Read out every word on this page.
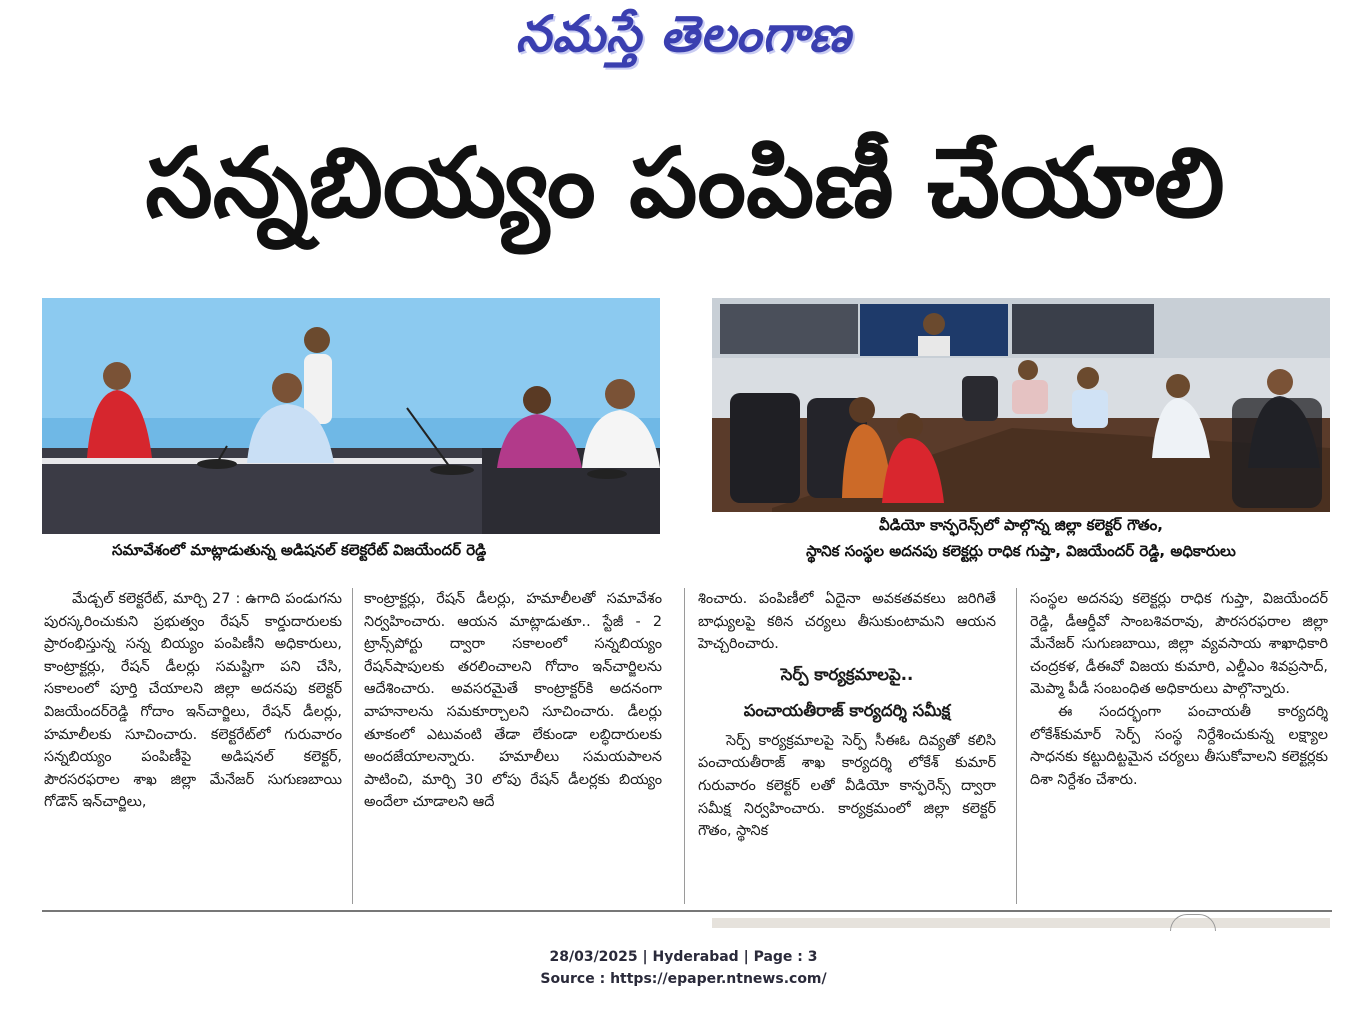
నమస్తే తెలంగాణ
సన్నబియ్యం పంపిణీ చేయాలి
సమావేశంలో మాట్లాడుతున్న అడిషనల్ కలెక్టరేట్ విజయేందర్ రెడ్డి
వీడియో కాన్ఫరెన్స్‌లో పాల్గొన్న జిల్లా కలెక్టర్ గౌతం,
స్థానిక సంస్థల అదనపు కలెక్టర్లు రాధిక గుప్తా, విజయేందర్ రెడ్డి, అధికారులు

మేడ్చల్ కలెక్టరేట్, మార్చి 27 : ఉగాది పండుగను పురస్కరించుకుని ప్రభుత్వం రేషన్ కార్డుదారులకు ప్రారంభిస్తున్న సన్న బియ్యం పంపిణీని అధికారులు, కాంట్రాక్టర్లు, రేషన్ డీలర్లు సమష్టిగా పని చేసి, సకాలంలో పూర్తి చేయాలని జిల్లా అదనపు కలెక్టర్ విజయేందర్‌రెడ్డి గోదాం ఇన్‌చార్జిలు, రేషన్ డీలర్లు, హమాలీలకు సూచించారు. కలెక్టరేట్‌లో గురువారం సన్నబియ్యం పంపిణీపై అడిషనల్ కలెక్టర్, పౌరసరఫరాల శాఖ జిల్లా మేనేజర్ సుగుణబాయి గోడౌన్ ఇన్‌చార్జిలు,

కాంట్రాక్టర్లు, రేషన్ డీలర్లు, హమాలీలతో సమావేశం నిర్వహించారు. ఆయన మాట్లాడుతూ.. స్టేజీ - 2 ట్రాన్స్‌పోర్టు ద్వారా సకాలంలో సన్నబియ్యం రేషన్‌షాపులకు తరలించాలని గోదాం ఇన్‌చార్జిలను ఆదేశించారు. అవసరమైతే కాంట్రాక్టర్‌కి అదనంగా వాహనాలను సమకూర్చాలని సూచించారు. డీలర్లు తూకంలో ఎటువంటి తేడా లేకుండా లబ్ధిదారులకు అందజేయాలన్నారు. హమాలీలు సమయపాలన పాటించి, మార్చి 30 లోపు రేషన్ డీలర్లకు బియ్యం అందేలా చూడాలని ఆదే

శించారు. పంపిణీలో ఏదైనా అవకతవకలు జరిగితే బాధ్యులపై కఠిన చర్యలు తీసుకుంటామని ఆయన హెచ్చరించారు.

సెర్ప్ కార్యక్రమాలపై..
పంచాయతీరాజ్ కార్యదర్శి సమీక్ష

సెర్ప్ కార్యక్రమాలపై సెర్ప్ సీఈఓ దివ్యతో కలిసి పంచాయతీరాజ్ శాఖ కార్యదర్శి లోకేశ్ కుమార్ గురువారం కలెక్టర్ లతో వీడియో కాన్ఫరెన్స్ ద్వారా సమీక్ష నిర్వహించారు. కార్యక్రమంలో జిల్లా కలెక్టర్ గౌతం, స్థానిక

సంస్థల అదనపు కలెక్టర్లు రాధిక గుప్తా, విజయేందర్ రెడ్డి, డీఆర్డీవో సాంబశివరావు, పౌరసరఫరాల జిల్లా మేనేజర్ సుగుణబాయి, జిల్లా వ్యవసాయ శాఖాధికారి చంద్రకళ, డీఈవో విజయ కుమారి, ఎల్డీఎం శివప్రసాద్, మెప్మా పీడీ సంబంధిత అధికారులు పాల్గొన్నారు.

ఈ సందర్భంగా పంచాయతీ కార్యదర్శి లోకేశ్‌కుమార్ సెర్ప్ సంస్థ నిర్దేశించుకున్న లక్ష్యాల సాధనకు కట్టుదిట్టమైన చర్యలు తీసుకోవాలని కలెక్టర్లకు దిశా నిర్దేశం చేశారు.

28/03/2025 | Hyderabad | Page : 3
Source : https://epaper.ntnews.com/
